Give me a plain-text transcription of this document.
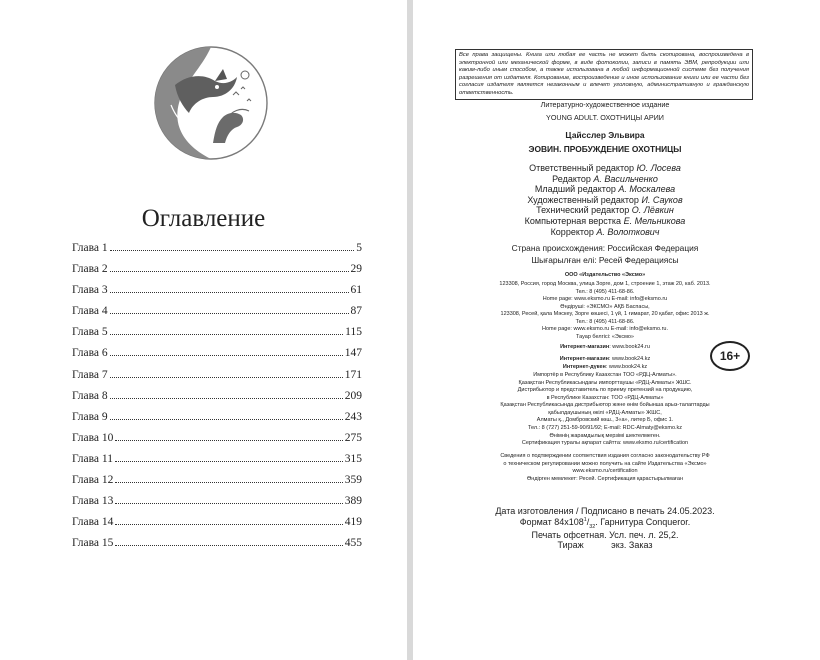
Оглавление
Глава 1	5
Глава 2	29
Глава 3	61
Глава 4	87
Глава 5	115
Глава 6	147
Глава 7	171
Глава 8	209
Глава 9	243
Глава 10	275
Глава 11	315
Глава 12	359
Глава 13	389
Глава 14	419
Глава 15	455
Все права защищены. Книга или любая ее часть не может быть скопирована, воспроизведена в электронной или механической форме, в виде фотокопии, записи в память ЭВМ, репродукции или каким-либо иным способом, а также использована в любой информационной системе без получения разрешения от издателя. Копирование, воспроизведение и иное использование книги или ее части без согласия издателя является незаконным и влечет уголовную, административную и гражданскую ответственность.
Литературно-художественное издание
YOUNG ADULT. ОХОТНИЦЫ АРИИ
Цайсслер Эльвира
ЭОВИН. ПРОБУЖДЕНИЕ ОХОТНИЦЫ
Ответственный редактор Ю. Лосева
Редактор А. Васильченко
Младший редактор А. Москалева
Художественный редактор И. Сауков
Технический редактор О. Лёвкин
Компьютерная верстка Е. Мельникова
Корректор А. Волоткович
Страна происхождения: Российская Федерация
Шығарылған елі: Ресей Федерациясы
ООО «Издательство «Эксмо»
123308, Россия, город Москва, улица Зорге, дом 1, строение 1, этаж 20, каб. 2013.
Тел.: 8 (495) 411-68-86.
Home page: www.eksmo.ru E-mail: info@eksmo.ru
Өндіруші: «ЭКСМО» АҚБ Баспасы,
123308, Ресей, қала Мәскеу, Зорге көшесі, 1 үй, 1 ғимарат, 20 қабат, офис 2013 ж.
Тел.: 8 (495) 411-68-86.
Home page: www.eksmo.ru E-mail: info@eksmo.ru.
Тауар белгісі: «Эксмо»
Интернет-магазин: www.book24.ru
Интернет-магазин: www.book24.kz
Интернет-дүкен: www.book24.kz
16+
Импортёр в Республику Казахстан ТОО «РДЦ-Алматы».
Қазақстан Республикасындағы импорттаушы «РДЦ-Алматы» ЖШС.
Дистрибьютор и представитель по приему претензий на продукцию,
в Республике Казахстан: ТОО «РДЦ-Алматы»
Қазақстан Республикасында дистрибьютор және өнім бойынша арыз-талаптарды
қабылдаушының өкілі «РДЦ-Алматы» ЖШС,
Алматы қ., Домбровский көш., 3«а», литер Б, офис 1.
Тел.: 8 (727) 251-59-90/91/92; E-mail: RDC-Almaty@eksmo.kz
Өнімнің жарамдылық мерзімі шектелмеген.
Сертификация туралы ақпарат сайтта: www.eksmo.ru/certification
Сведения о подтверждении соответствия издания согласно законодательству РФ
о техническом регулировании можно получить на сайте Издательства «Эксмо»
www.eksmo.ru/certification
Өндірген мемлекет: Ресей. Сертификация қарастырылмаған
Дата изготовления / Подписано в печать 24.05.2023.
Формат $84x108^1/_{32}$. Гарнитура Conqueror.
Печать офсетная. Усл. печ. л. 25,2.
Тираж           экз. Заказ
